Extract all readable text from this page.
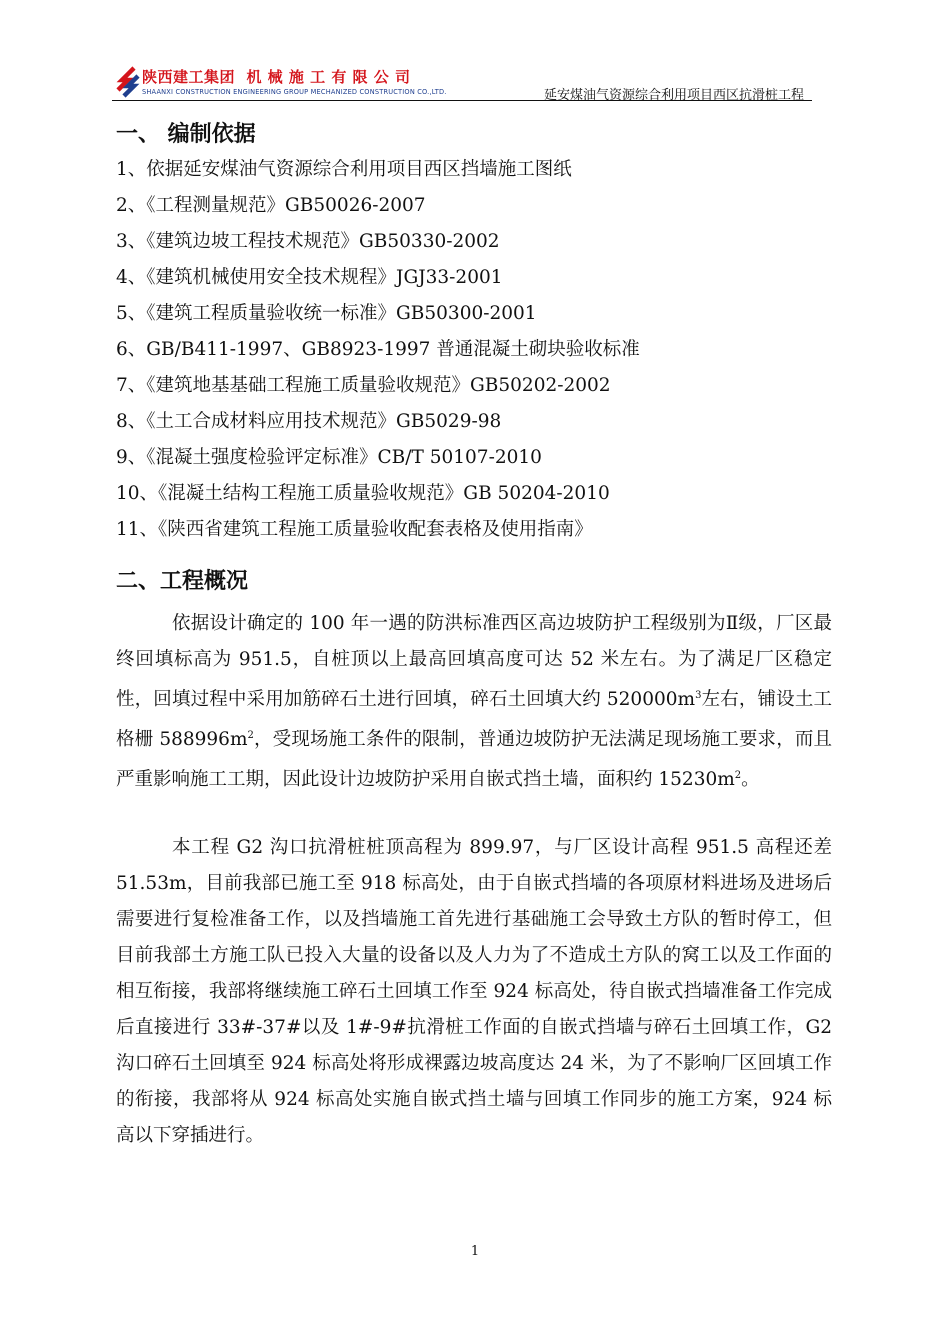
陕西建工集团  机 械 施 工 有 限 公 司
SHAANXI CONSTRUCTION ENGINEERING GROUP MECHANIZED CONSTRUCTION CO.,LTD.	延安煤油气资源综合利用项目西区抗滑桩工程
一、 编制依据
1、依据延安煤油气资源综合利用项目西区挡墙施工图纸
2、《工程测量规范》GB50026-2007
3、《建筑边坡工程技术规范》GB50330-2002
4、《建筑机械使用安全技术规程》JGJ33-2001
5、《建筑工程质量验收统一标准》GB50300-2001
6、GB/B411-1997、GB8923-1997 普通混凝土砌块验收标准
7、《建筑地基基础工程施工质量验收规范》GB50202-2002
8、《土工合成材料应用技术规范》GB5029-98
9、《混凝土强度检验评定标准》CB/T 50107-2010
10、《混凝土结构工程施工质量验收规范》GB 50204-2010
11、《陕西省建筑工程施工质量验收配套表格及使用指南》
二、工程概况

依据设计确定的 100 年一遇的防洪标准西区高边坡防护工程级别为Ⅱ级，厂区最终回填标高为 951.5，自桩顶以上最高回填高度可达 52 米左右。为了满足厂区稳定性，回填过程中采用加筋碎石土进行回填，碎石土回填大约 $520000m^3$左右，铺设土工格栅 $588996m^2$，受现场施工条件的限制，普通边坡防护无法满足现场施工要求，而且严重影响施工工期，因此设计边坡防护采用自嵌式挡土墙，面积约 $15230m^2$。

本工程 G2 沟口抗滑桩桩顶高程为 899.97，与厂区设计高程 951.5 高程还差 51.53m，目前我部已施工至 918 标高处，由于自嵌式挡墙的各项原材料进场及进场后需要进行复检准备工作，以及挡墙施工首先进行基础施工会导致土方队的暂时停工，但目前我部土方施工队已投入大量的设备以及人力为了不造成土方队的窝工以及工作面的相互衔接，我部将继续施工碎石土回填工作至 924 标高处，待自嵌式挡墙准备工作完成后直接进行 33#-37#以及 1#-9#抗滑桩工作面的自嵌式挡墙与碎石土回填工作，G2 沟口碎石土回填至 924 标高处将形成裸露边坡高度达 24 米，为了不影响厂区回填工作的衔接，我部将从 924 标高处实施自嵌式挡土墙与回填工作同步的施工方案，924 标高以下穿插进行。

1
